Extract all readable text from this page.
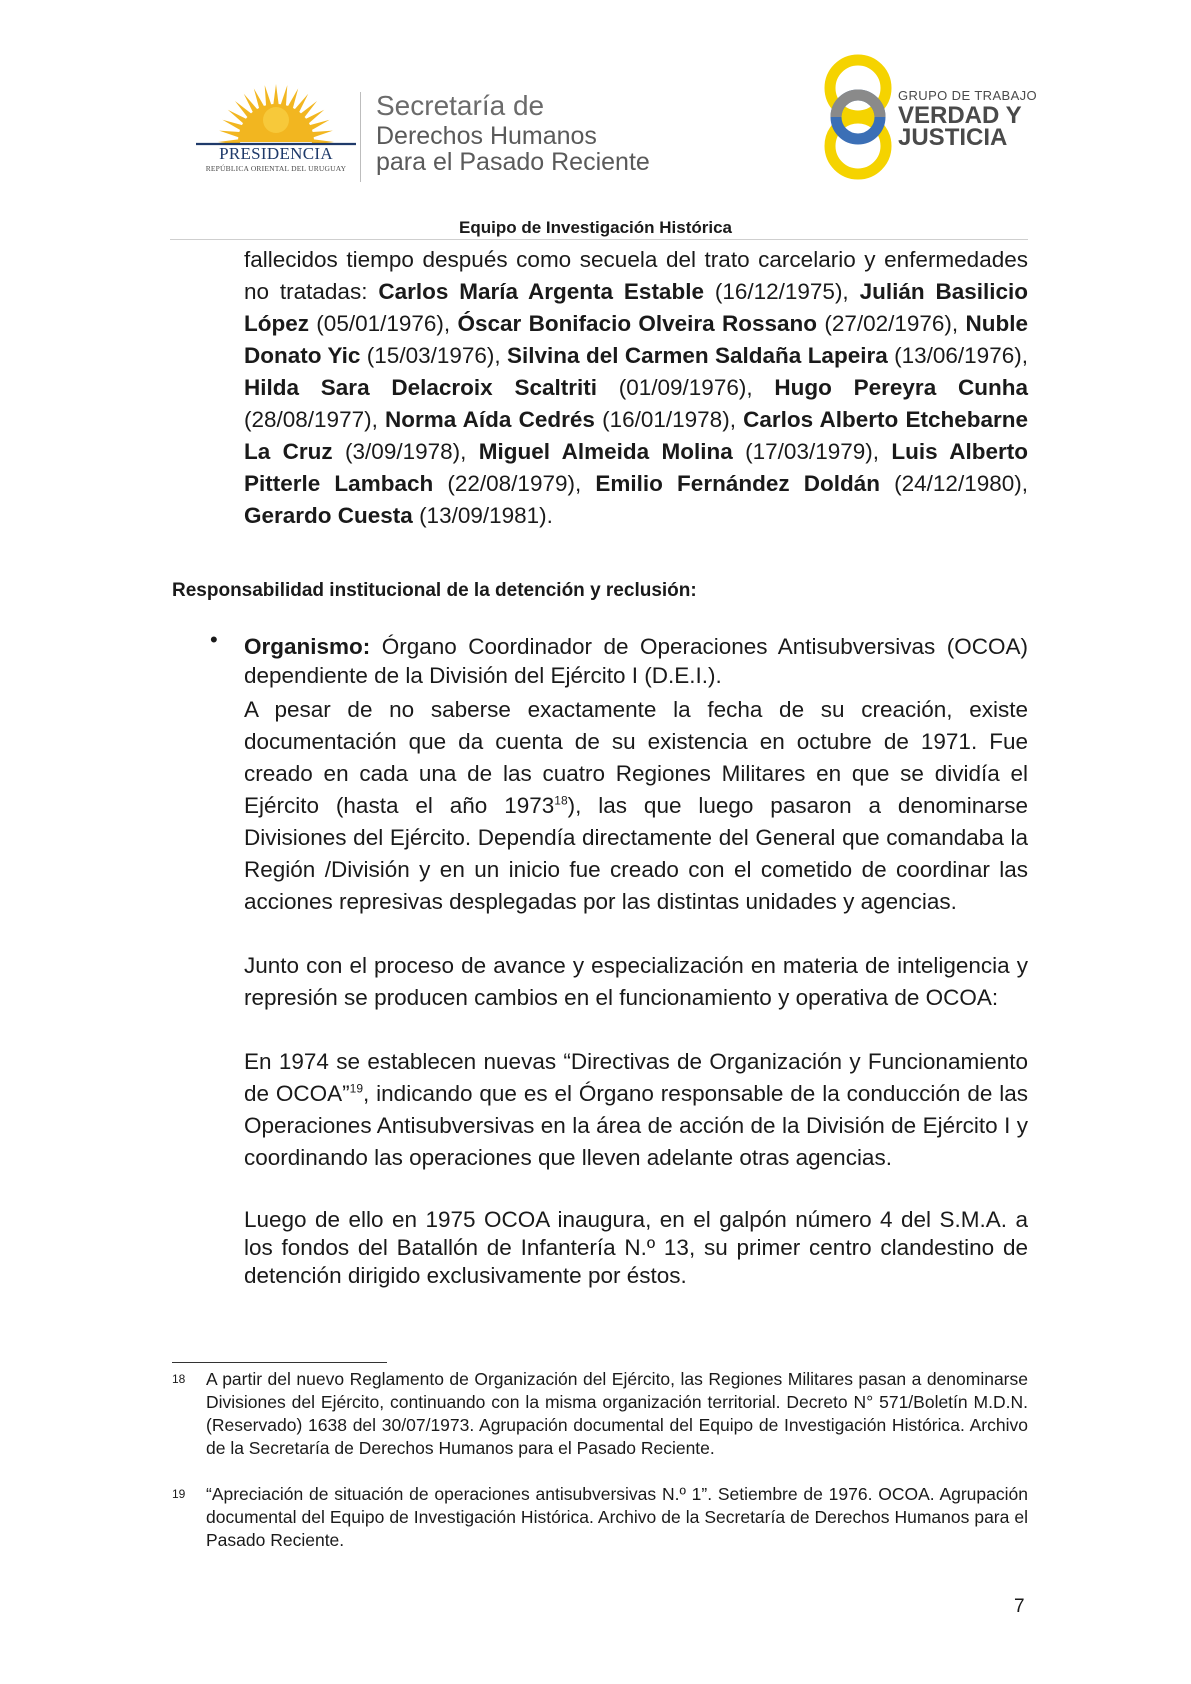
PRESIDENCIA
REPÚBLICA ORIENTAL DEL URUGUAY
Secretaría de
Derechos Humanos
para el Pasado Reciente
GRUPO DE TRABAJO
VERDAD Y
JUSTICIA
Equipo de Investigación Histórica
fallecidos tiempo después como secuela del trato carcelario y enfermedades no tratadas: Carlos María Argenta Estable (16/12/1975), Julián Basilicio López (05/01/1976), Óscar Bonifacio Olveira Rossano (27/02/1976), Nuble Donato Yic (15/03/1976), Silvina del Carmen Saldaña Lapeira (13/06/1976), Hilda Sara Delacroix Scaltriti (01/09/1976), Hugo Pereyra Cunha (28/08/1977), Norma Aída Cedrés (16/01/1978), Carlos Alberto Etchebarne La Cruz (3/09/1978), Miguel Almeida Molina (17/03/1979), Luis Alberto Pitterle Lambach (22/08/1979), Emilio Fernández Doldán (24/12/1980), Gerardo Cuesta (13/09/1981).
Responsabilidad institucional de la detención y reclusión:
• Organismo: Órgano Coordinador de Operaciones Antisubversivas (OCOA) dependiente de la División del Ejército I (D.E.I.).
A pesar de no saberse exactamente la fecha de su creación, existe documentación que da cuenta de su existencia en octubre de 1971. Fue creado en cada una de las cuatro Regiones Militares en que se dividía el Ejército (hasta el año 1973$^{18}$), las que luego pasaron a denominarse Divisiones del Ejército. Dependía directamente del General que comandaba la Región /División y en un inicio fue creado con el cometido de coordinar las acciones represivas desplegadas por las distintas unidades y agencias.
Junto con el proceso de avance y especialización en materia de inteligencia y represión se producen cambios en el funcionamiento y operativa de OCOA:
En 1974 se establecen nuevas “Directivas de Organización y Funcionamiento de OCOA”$^{19}$, indicando que es el Órgano responsable de la conducción de las Operaciones Antisubversivas en la área de acción de la División de Ejército I y coordinando las operaciones que lleven adelante otras agencias.
Luego de ello en 1975 OCOA inaugura, en el galpón número 4 del S.M.A. a los fondos del Batallón de Infantería N.º 13, su primer centro clandestino de detención dirigido exclusivamente por éstos.
18 A partir del nuevo Reglamento de Organización del Ejército, las Regiones Militares pasan a denominarse Divisiones del Ejército, continuando con la misma organización territorial. Decreto N° 571/Boletín M.D.N. (Reservado) 1638 del 30/07/1973. Agrupación documental del Equipo de Investigación Histórica. Archivo de la Secretaría de Derechos Humanos para el Pasado Reciente.
19 “Apreciación de situación de operaciones antisubversivas N.º 1”. Setiembre de 1976. OCOA. Agrupación documental del Equipo de Investigación Histórica. Archivo de la Secretaría de Derechos Humanos para el Pasado Reciente.
7
